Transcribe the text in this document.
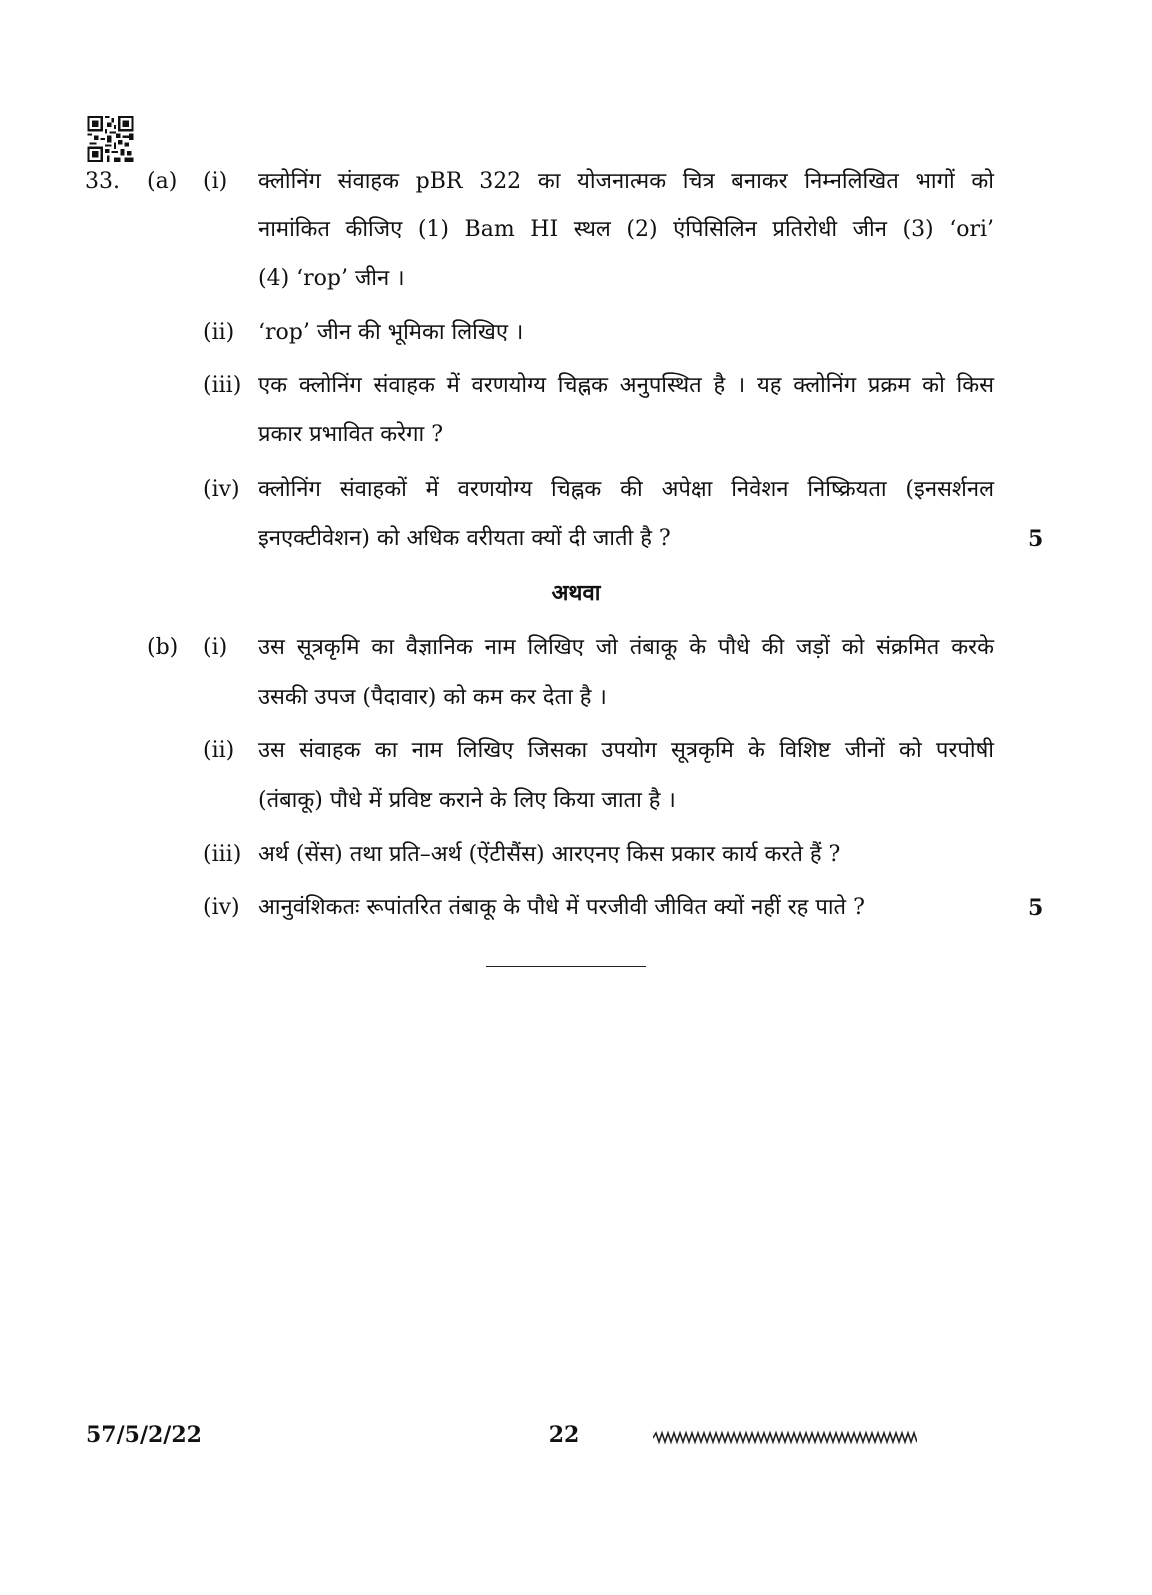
33. (a) (i) क्लोनिंग संवाहक pBR 322 का योजनात्मक चित्र बनाकर निम्नलिखित भागों को
नामांकित कीजिए (1) Bam HI स्थल (2) एंपिसिलिन प्रतिरोधी जीन (3) ‘ori’
(4) ‘rop’ जीन ।
(ii) ‘rop’ जीन की भूमिका लिखिए ।
(iii) एक क्लोनिंग संवाहक में वरणयोग्य चिह्नक अनुपस्थित है । यह क्लोनिंग प्रक्रम को किस
प्रकार प्रभावित करेगा ?
(iv) क्लोनिंग संवाहकों में वरणयोग्य चिह्नक की अपेक्षा निवेशन निष्क्रियता (इनसर्शनल
इनएक्टीवेशन) को अधिक वरीयता क्यों दी जाती है ?	5
अथवा
(b) (i) उस सूत्रकृमि का वैज्ञानिक नाम लिखिए जो तंबाकू के पौधे की जड़ों को संक्रमित करके
उसकी उपज (पैदावार) को कम कर देता है ।
(ii) उस संवाहक का नाम लिखिए जिसका उपयोग सूत्रकृमि के विशिष्ट जीनों को परपोषी
(तंबाकू) पौधे में प्रविष्ट कराने के लिए किया जाता है ।
(iii) अर्थ (सेंस) तथा प्रति–अर्थ (ऐंटीसैंस) आरएनए किस प्रकार कार्य करते हैं ?
(iv) आनुवंशिकतः रूपांतरित तंबाकू के पौधे में परजीवी जीवित क्यों नहीं रह पाते ?	5
57/5/2/22	22
